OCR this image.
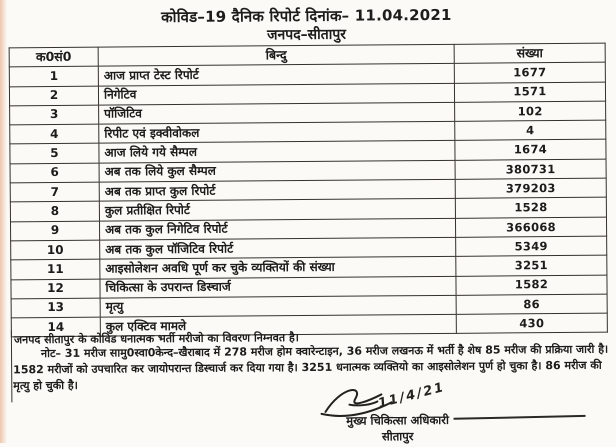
कोविड–19 दैनिक रिपोर्ट दिनांक– 11.04.2021
जनपद–सीतापुर
क0सं0	बिन्दु	संख्या
1	आज प्राप्त टेस्ट रिपोर्ट	1677
2	निगेटिव	1571
3	पॉजिटिव	102
4	रिपीट एवं इक्वीवोकल	4
5	आज लिये गये सैम्पल	1674
6	अब तक लिये कुल सैम्पल	380731
7	अब तक प्राप्त कुल रिपोर्ट	379203
8	कुल प्रतीक्षित रिपोर्ट	1528
9	अब तक कुल निगेटिव रिपोर्ट	366068
10	अब तक कुल पॉजिटिव रिपोर्ट	5349
11	आइसोलेशन अवधि पूर्ण कर चुके व्यक्तियों की संख्या	3251
12	चिकित्सा के उपरान्त डिस्चार्ज	1582
13	मृत्यु	86
14	कुल एक्टिव मामले	430
जनपद सीतापुर के कोविड धनात्मक भर्ती मरीजो का विवरण निम्नवत है।
नोट– 31 मरीज सामु0स्वा0केन्द–खैराबाद में 278 मरीज होम क्वारेन्टाइन, 36 मरीज लखनऊ में भर्ती है शेष 85 मरीज की प्रक्रिया जारी है। 1582 मरीजों को उपचारित कर जायोपरान्त डिस्चार्ज कर दिया गया है। 3251 धनात्मक व्यक्तियो का आइसोलेशन पुर्ण हो चुका है। 86 मरीज की मृत्यु हो चुकी है।	11/4/21
मुख्य चिकित्सा अधिकारी
सीतापुर
